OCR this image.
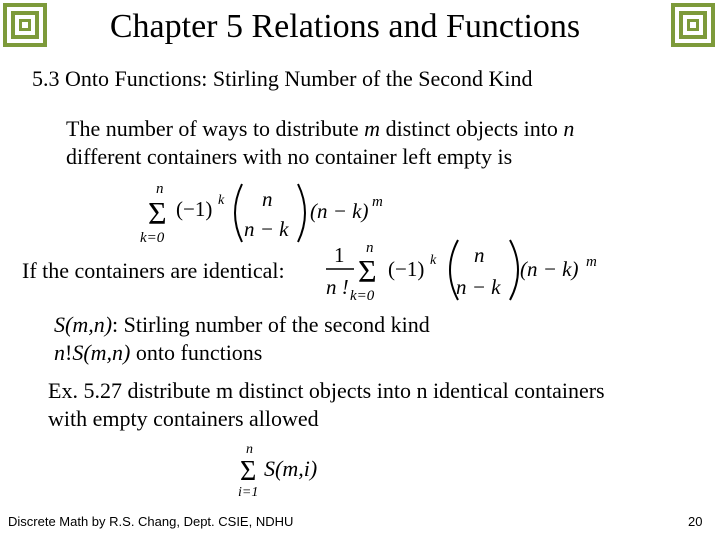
Chapter 5 Relations and Functions
5.3 Onto Functions: Stirling Number of the Second Kind
The number of ways to distribute m distinct objects into n
different containers with no container left empty is
n
Σ
k=0
(−1) k n
n − k
(n − k) m
If the containers are identical:
1
n !
n
Σ
k=0
(−1) k n
n − k
(n − k) m
S(m,n): Stirling number of the second kind
n!S(m,n) onto functions
Ex. 5.27 distribute m distinct objects into n identical containers
with empty containers allowed
n
Σ
i=1
S(m,i)
Discrete Math by R.S. Chang, Dept. CSIE, NDHU	20
